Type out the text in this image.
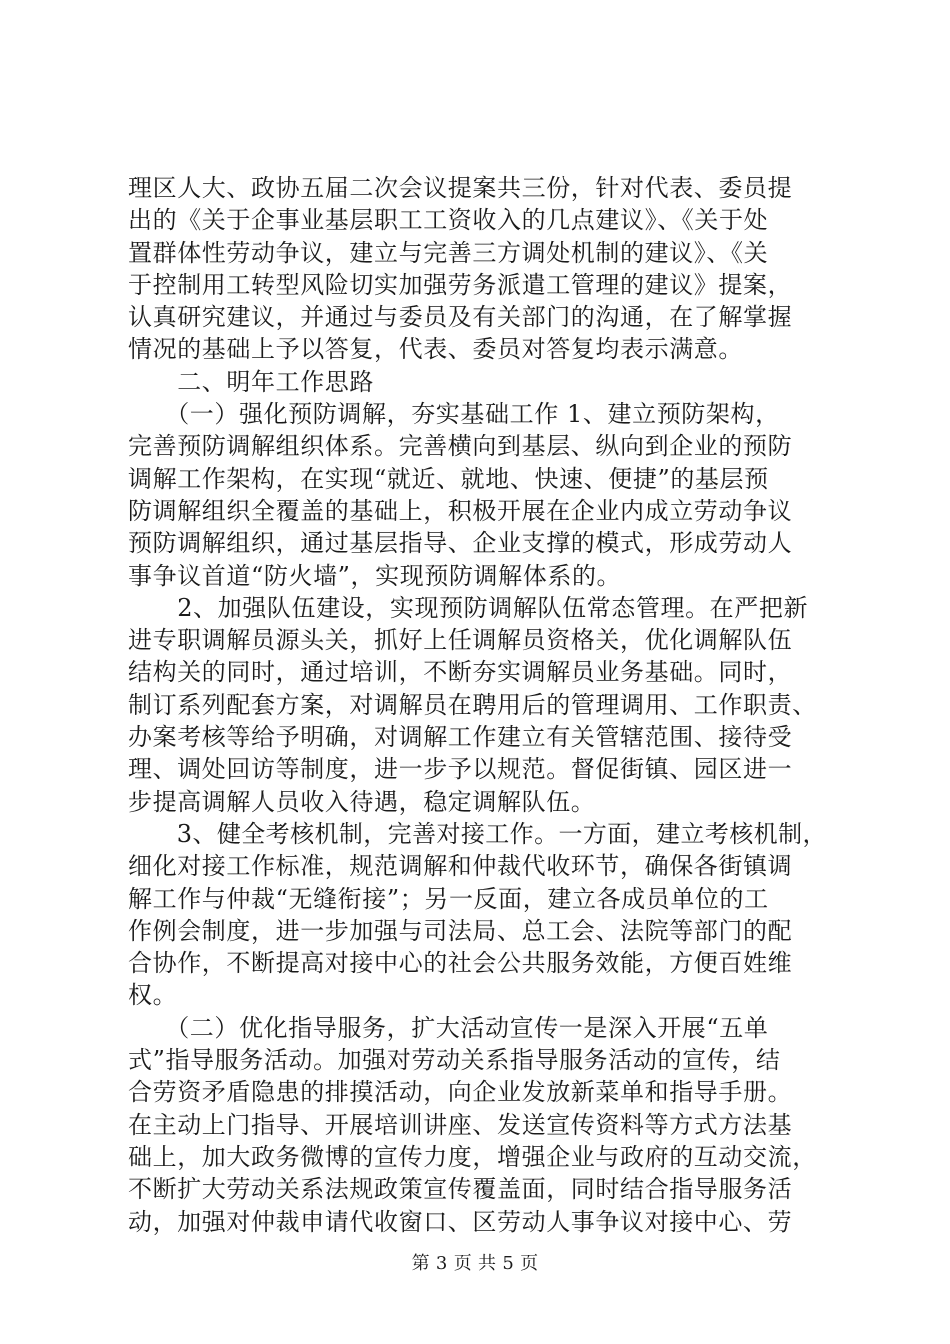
理区人大、政协五届二次会议提案共三份，针对代表、委员提
出的《关于企事业基层职工工资收入的几点建议》、《关于处
置群体性劳动争议，建立与完善三方调处机制的建议》、《关
于控制用工转型风险切实加强劳务派遣工管理的建议》提案，
认真研究建议，并通过与委员及有关部门的沟通，在了解掌握
情况的基础上予以答复，代表、委员对答复均表示满意。
　　二、明年工作思路
　　（一）强化预防调解，夯实基础工作 1、建立预防架构，
完善预防调解组织体系。完善横向到基层、纵向到企业的预防
调解工作架构，在实现“就近、就地、快速、便捷”的基层预
防调解组织全覆盖的基础上，积极开展在企业内成立劳动争议
预防调解组织，通过基层指导、企业支撑的模式，形成劳动人
事争议首道“防火墙”，实现预防调解体系的。
　　2、加强队伍建设，实现预防调解队伍常态管理。在严把新
进专职调解员源头关，抓好上任调解员资格关，优化调解队伍
结构关的同时，通过培训，不断夯实调解员业务基础。同时，
制订系列配套方案，对调解员在聘用后的管理调用、工作职责、
办案考核等给予明确，对调解工作建立有关管辖范围、接待受
理、调处回访等制度，进一步予以规范。督促街镇、园区进一
步提高调解人员收入待遇，稳定调解队伍。
　　3、健全考核机制，完善对接工作。一方面，建立考核机制，
细化对接工作标准，规范调解和仲裁代收环节，确保各街镇调
解工作与仲裁“无缝衔接”；另一反面，建立各成员单位的工
作例会制度，进一步加强与司法局、总工会、法院等部门的配
合协作，不断提高对接中心的社会公共服务效能，方便百姓维
权。
　　（二）优化指导服务，扩大活动宣传一是深入开展“五单
式”指导服务活动。加强对劳动关系指导服务活动的宣传，结
合劳资矛盾隐患的排摸活动，向企业发放新菜单和指导手册。
在主动上门指导、开展培训讲座、发送宣传资料等方式方法基
础上，加大政务微博的宣传力度，增强企业与政府的互动交流，
不断扩大劳动关系法规政策宣传覆盖面，同时结合指导服务活
动，加强对仲裁申请代收窗口、区劳动人事争议对接中心、劳
第 3 页 共 5 页
